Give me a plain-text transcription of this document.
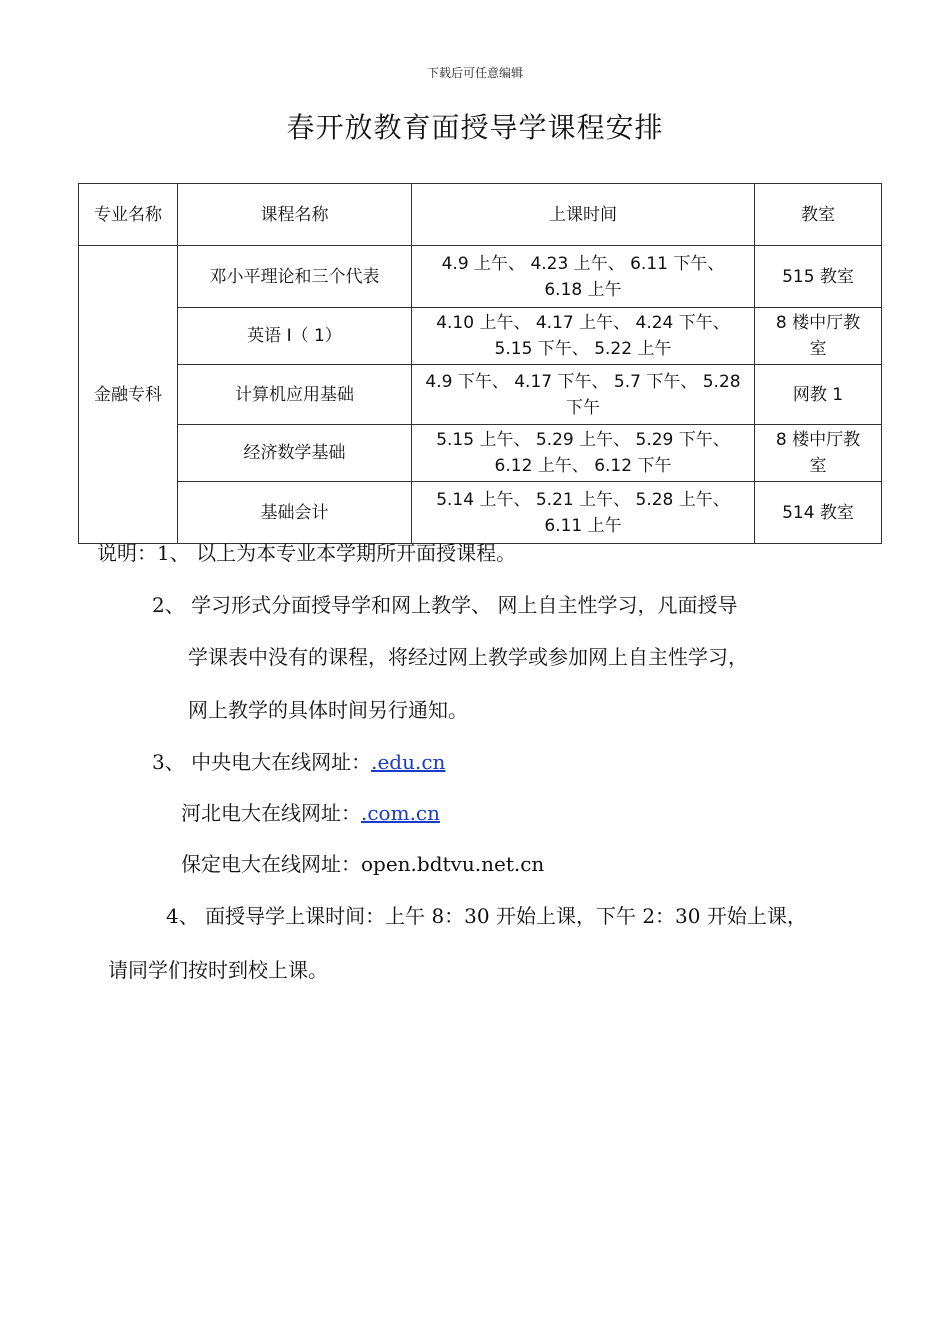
下载后可任意编辑
春开放教育面授导学课程安排
专业名称	课程名称	上课时间	教室
金融专科	邓小平理论和三个代表	4.9 上午、 4.23 上午、 6.11 下午、
6.18 上午	515 教室
	英语 I（ 1）	4.10 上午、 4.17 上午、 4.24 下午、
5.15 下午、 5.22 上午	8 楼中厅教
室
	计算机应用基础	4.9 下午、 4.17 下午、 5.7 下午、 5.28
下午	网教 1
	经济数学基础	5.15 上午、 5.29 上午、 5.29 下午、
6.12 上午、 6.12 下午	8 楼中厅教
室
	基础会计	5.14 上午、 5.21 上午、 5.28 上午、
6.11 上午	514 教室
说明：1、 以上为本专业本学期所开面授课程。
2、 学习形式分面授导学和网上教学、 网上自主性学习，凡面授导
学课表中没有的课程，将经过网上教学或参加网上自主性学习，
网上教学的具体时间另行通知。
3、 中央电大在线网址：.edu.cn
河北电大在线网址：.com.cn
保定电大在线网址：open.bdtvu.net.cn
4、 面授导学上课时间：上午 8：30 开始上课，下午 2：30 开始上课，
请同学们按时到校上课。
